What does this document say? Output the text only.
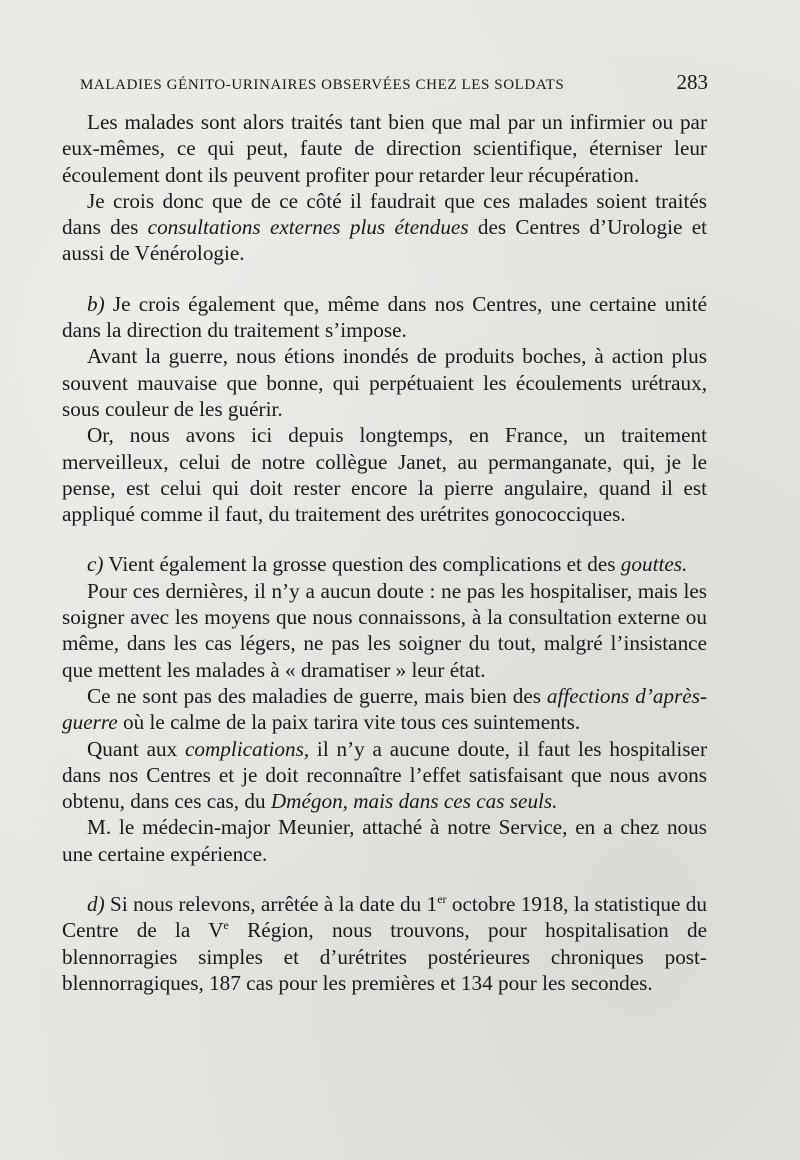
MALADIES GÉNITO-URINAIRES OBSERVÉES CHEZ LES SOLDATS	283

Les malades sont alors traités tant bien que mal par un infirmier ou par eux-mêmes, ce qui peut, faute de direction scientifique, éterniser leur écoulement dont ils peuvent profiter pour retarder leur récupération.

Je crois donc que de ce côté il faudrait que ces malades soient traités dans des consultations externes plus étendues des Centres d’Urologie et aussi de Vénérologie.

b) Je crois également que, même dans nos Centres, une certaine unité dans la direction du traitement s’impose.

Avant la guerre, nous étions inondés de produits boches, à action plus souvent mauvaise que bonne, qui perpétuaient les écoulements urétraux, sous couleur de les guérir.

Or, nous avons ici depuis longtemps, en France, un traitement merveilleux, celui de notre collègue Janet, au permanganate, qui, je le pense, est celui qui doit rester encore la pierre angulaire, quand il est appliqué comme il faut, du traitement des urétrites gonococciques.

c) Vient également la grosse question des complications et des gouttes.

Pour ces dernières, il n’y a aucun doute : ne pas les hospitaliser, mais les soigner avec les moyens que nous connaissons, à la consultation externe ou même, dans les cas légers, ne pas les soigner du tout, malgré l’insistance que mettent les malades à « dramatiser » leur état.

Ce ne sont pas des maladies de guerre, mais bien des affections d’après-guerre où le calme de la paix tarira vite tous ces suintements.

Quant aux complications, il n’y a aucune doute, il faut les hospitaliser dans nos Centres et je doit reconnaître l’effet satisfaisant que nous avons obtenu, dans ces cas, du Dmégon, mais dans ces cas seuls.

M. le médecin-major Meunier, attaché à notre Service, en a chez nous une certaine expérience.

d) Si nous relevons, arrêtée à la date du 1er octobre 1918, la statistique du Centre de la Ve Région, nous trouvons, pour hospitalisation de blennorragies simples et d’urétrites postérieures chroniques post-blennorragiques, 187 cas pour les premières et 134 pour les secondes.
